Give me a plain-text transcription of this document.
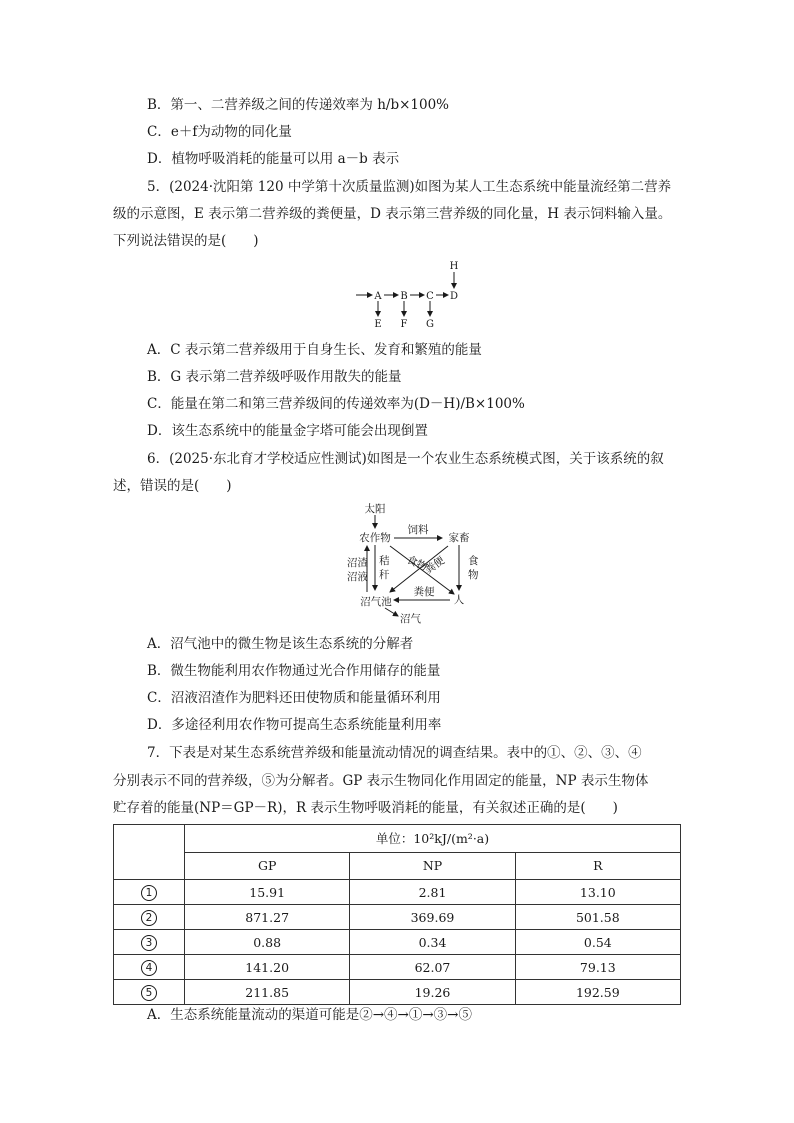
B．第一、二营养级之间的传递效率为 h/b×100%
C．e＋f为动物的同化量
D．植物呼吸消耗的能量可以用 a－b 表示
5．(2024·沈阳第 120 中学第十次质量监测)如图为某人工生态系统中能量流经第二营养
级的示意图，E 表示第二营养级的粪便量，D 表示第三营养级的同化量，H 表示饲料输入量。
下列说法错误的是(　　)
H
A B C D
E F G
A．C 表示第二营养级用于自身生长、发育和繁殖的能量
B．G 表示第二营养级呼吸作用散失的能量
C．能量在第二和第三营养级间的传递效率为(D－H)/B×100%
D．该生态系统中的能量金字塔可能会出现倒置
6．(2025·东北育才学校适应性测试)如图是一个农业生态系统模式图，关于该系统的叙
述，错误的是(　　)
太阳
农作物
饲料
家畜
食
物
人
食物
粪便
粪便
秸
秆
沼渣
沼液
沼气池
沼气
A．沼气池中的微生物是该生态系统的分解者
B．微生物能利用农作物通过光合作用储存的能量
C．沼液沼渣作为肥料还田使物质和能量循环利用
D．多途径利用农作物可提高生态系统能量利用率
7．下表是对某生态系统营养级和能量流动情况的调查结果。表中的①、②、③、④
分别表示不同的营养级，⑤为分解者。GP 表示生物同化作用固定的能量，NP 表示生物体
贮存着的能量(NP＝GP－R)，R 表示生物呼吸消耗的能量，有关叙述正确的是(　　)
	单位：10²kJ/(m²·a)		
	GP	NP	R
1	15.91	2.81	13.10
2	871.27	369.69	501.58
3	0.88	0.34	0.54
4	141.20	62.07	79.13
5	211.85	19.26	192.59
A．生态系统能量流动的渠道可能是②→④→①→③→⑤
